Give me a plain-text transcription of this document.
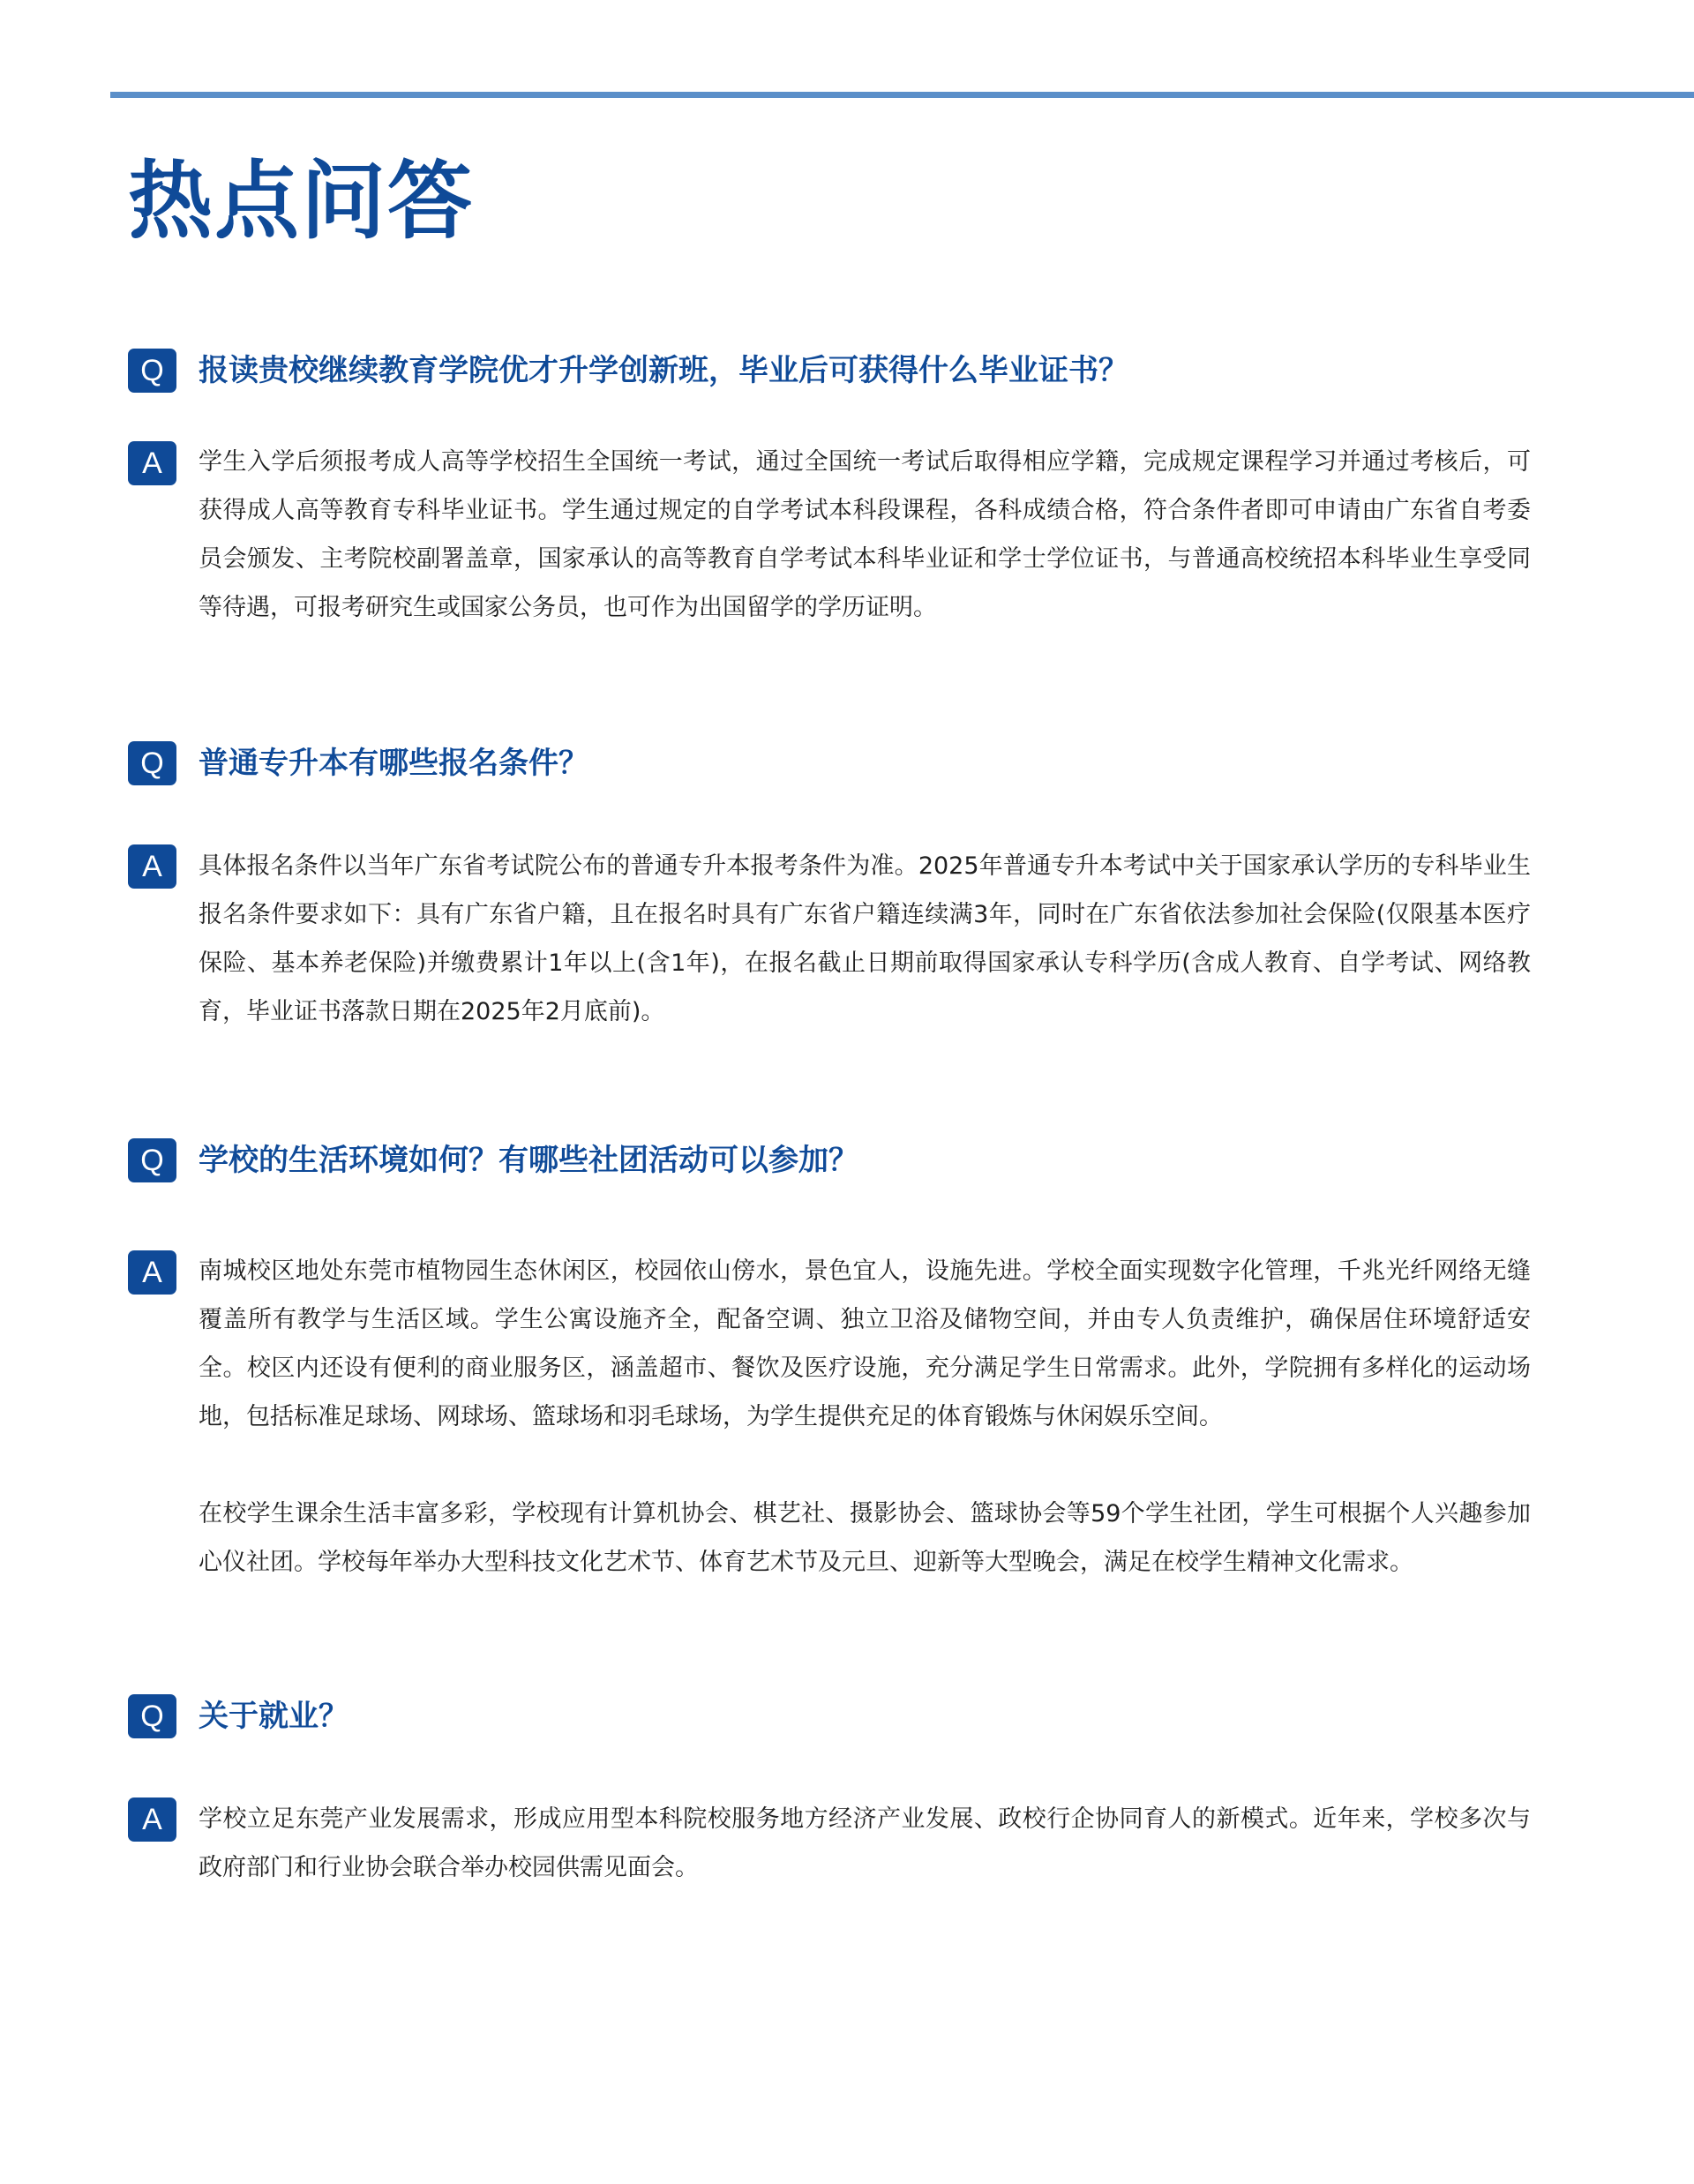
热点问答
Q	报读贵校继续教育学院优才升学创新班，毕业后可获得什么毕业证书？
A	学生入学后须报考成人高等学校招生全国统一考试，通过全国统一考试后取得相应学籍，完成规定课程学习并通过考核后，可获得成人高等教育专科毕业证书。学生通过规定的自学考试本科段课程，各科成绩合格，符合条件者即可申请由广东省自考委员会颁发、主考院校副署盖章，国家承认的高等教育自学考试本科毕业证和学士学位证书，与普通高校统招本科毕业生享受同等待遇，可报考研究生或国家公务员，也可作为出国留学的学历证明。

Q	普通专升本有哪些报名条件？
A	具体报名条件以当年广东省考试院公布的普通专升本报考条件为准。2025年普通专升本考试中关于国家承认学历的专科毕业生报名条件要求如下：具有广东省户籍，且在报名时具有广东省户籍连续满3年，同时在广东省依法参加社会保险(仅限基本医疗保险、基本养老保险)并缴费累计1年以上(含1年)，在报名截止日期前取得国家承认专科学历(含成人教育、自学考试、网络教育，毕业证书落款日期在2025年2月底前)。

Q	学校的生活环境如何？有哪些社团活动可以参加？
A	南城校区地处东莞市植物园生态休闲区，校园依山傍水，景色宜人，设施先进。学校全面实现数字化管理，千兆光纤网络无缝覆盖所有教学与生活区域。学生公寓设施齐全，配备空调、独立卫浴及储物空间，并由专人负责维护，确保居住环境舒适安全。校区内还设有便利的商业服务区，涵盖超市、餐饮及医疗设施，充分满足学生日常需求。此外，学院拥有多样化的运动场地，包括标准足球场、网球场、篮球场和羽毛球场，为学生提供充足的体育锻炼与休闲娱乐空间。

在校学生课余生活丰富多彩，学校现有计算机协会、棋艺社、摄影协会、篮球协会等59个学生社团，学生可根据个人兴趣参加心仪社团。学校每年举办大型科技文化艺术节、体育艺术节及元旦、迎新等大型晚会，满足在校学生精神文化需求。

Q	关于就业？
A	学校立足东莞产业发展需求，形成应用型本科院校服务地方经济产业发展、政校行企协同育人的新模式。近年来，学校多次与政府部门和行业协会联合举办校园供需见面会。
